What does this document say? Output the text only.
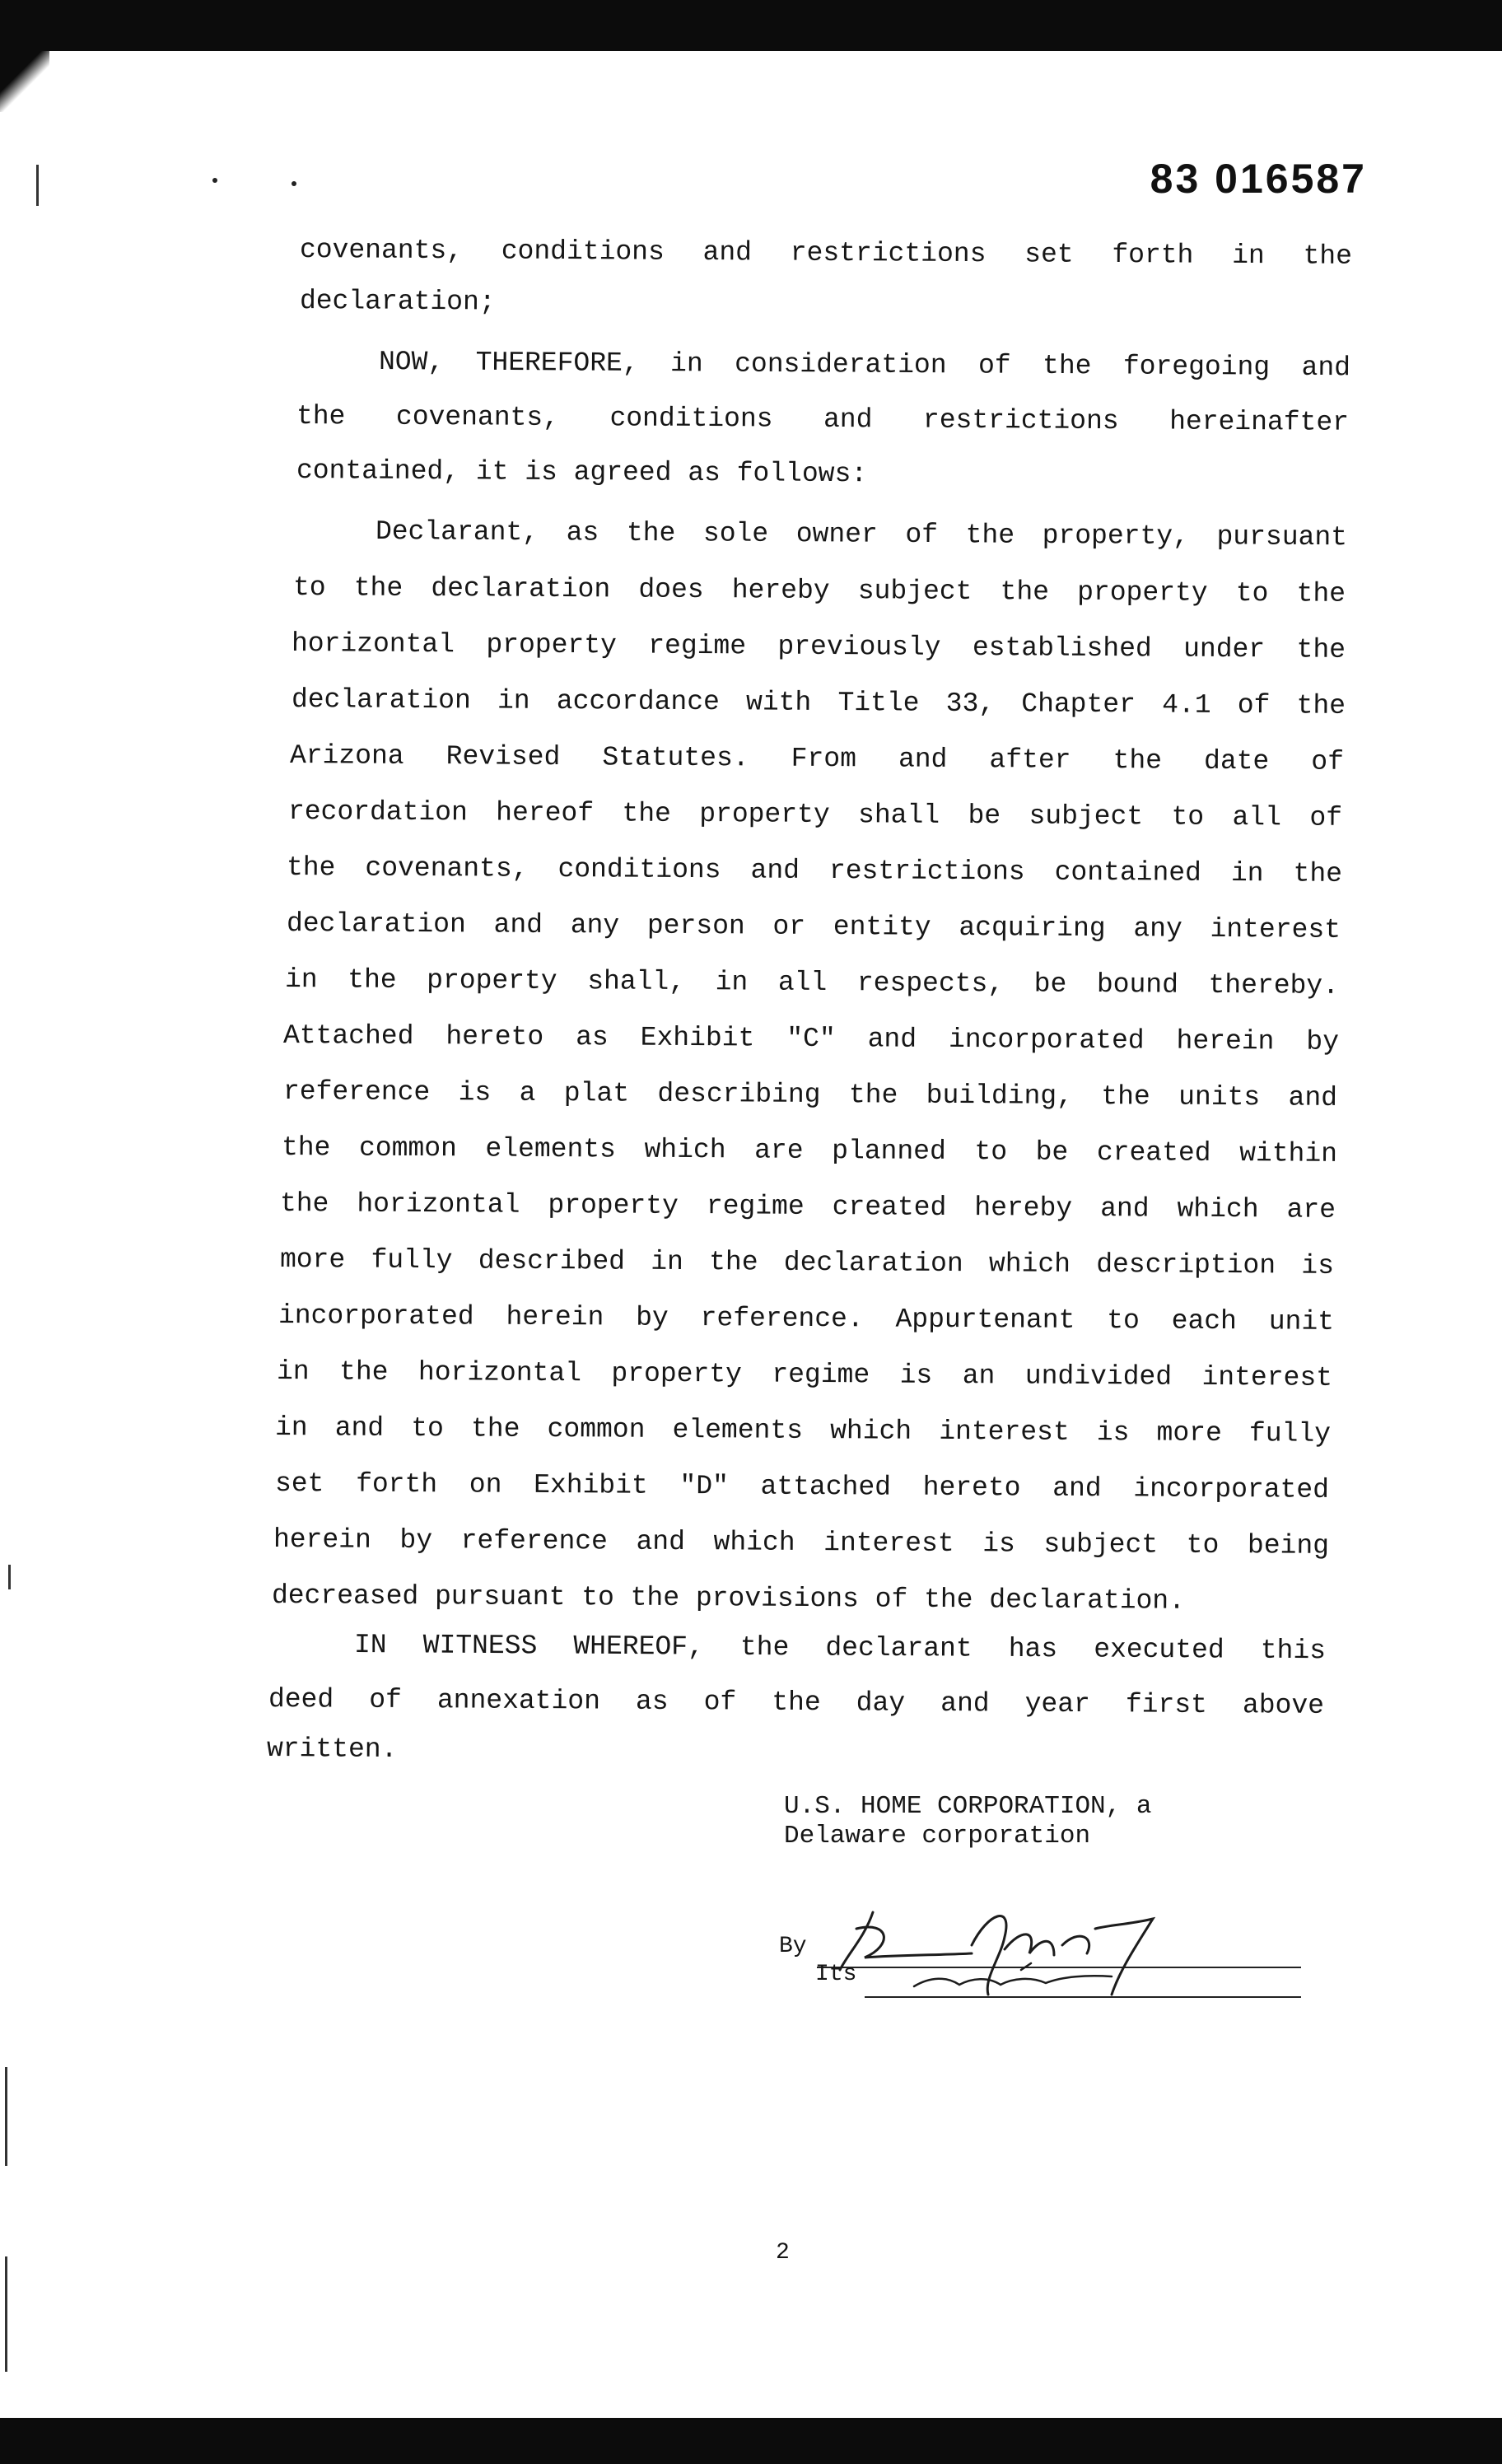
83 016587
covenants, conditions and restrictions set forth in the
declaration;
NOW, THEREFORE, in consideration of the foregoing and
the covenants, conditions and restrictions hereinafter
contained, it is agreed as follows:
Declarant, as the sole owner of the property, pursuant
to the declaration does hereby subject the property to the
horizontal property regime previously established under the
declaration in accordance with Title 33, Chapter 4.1 of the
Arizona Revised Statutes. From and after the date of
recordation hereof the property shall be subject to all of
the covenants, conditions and restrictions contained in the
declaration and any person or entity acquiring any interest
in the property shall, in all respects, be bound thereby.
Attached hereto as Exhibit "C" and incorporated herein by
reference is a plat describing the building, the units and
the common elements which are planned to be created within
the horizontal property regime created hereby and which are
more fully described in the declaration which description is
incorporated herein by reference. Appurtenant to each unit
in the horizontal property regime is an undivided interest
in and to the common elements which interest is more fully
set forth on Exhibit "D" attached hereto and incorporated
herein by reference and which interest is subject to being
decreased pursuant to the provisions of the declaration.
IN WITNESS WHEREOF, the declarant has executed this
deed of annexation as of the day and year first above
written.
U.S. HOME CORPORATION, a
Delaware corporation
By
Its
2
